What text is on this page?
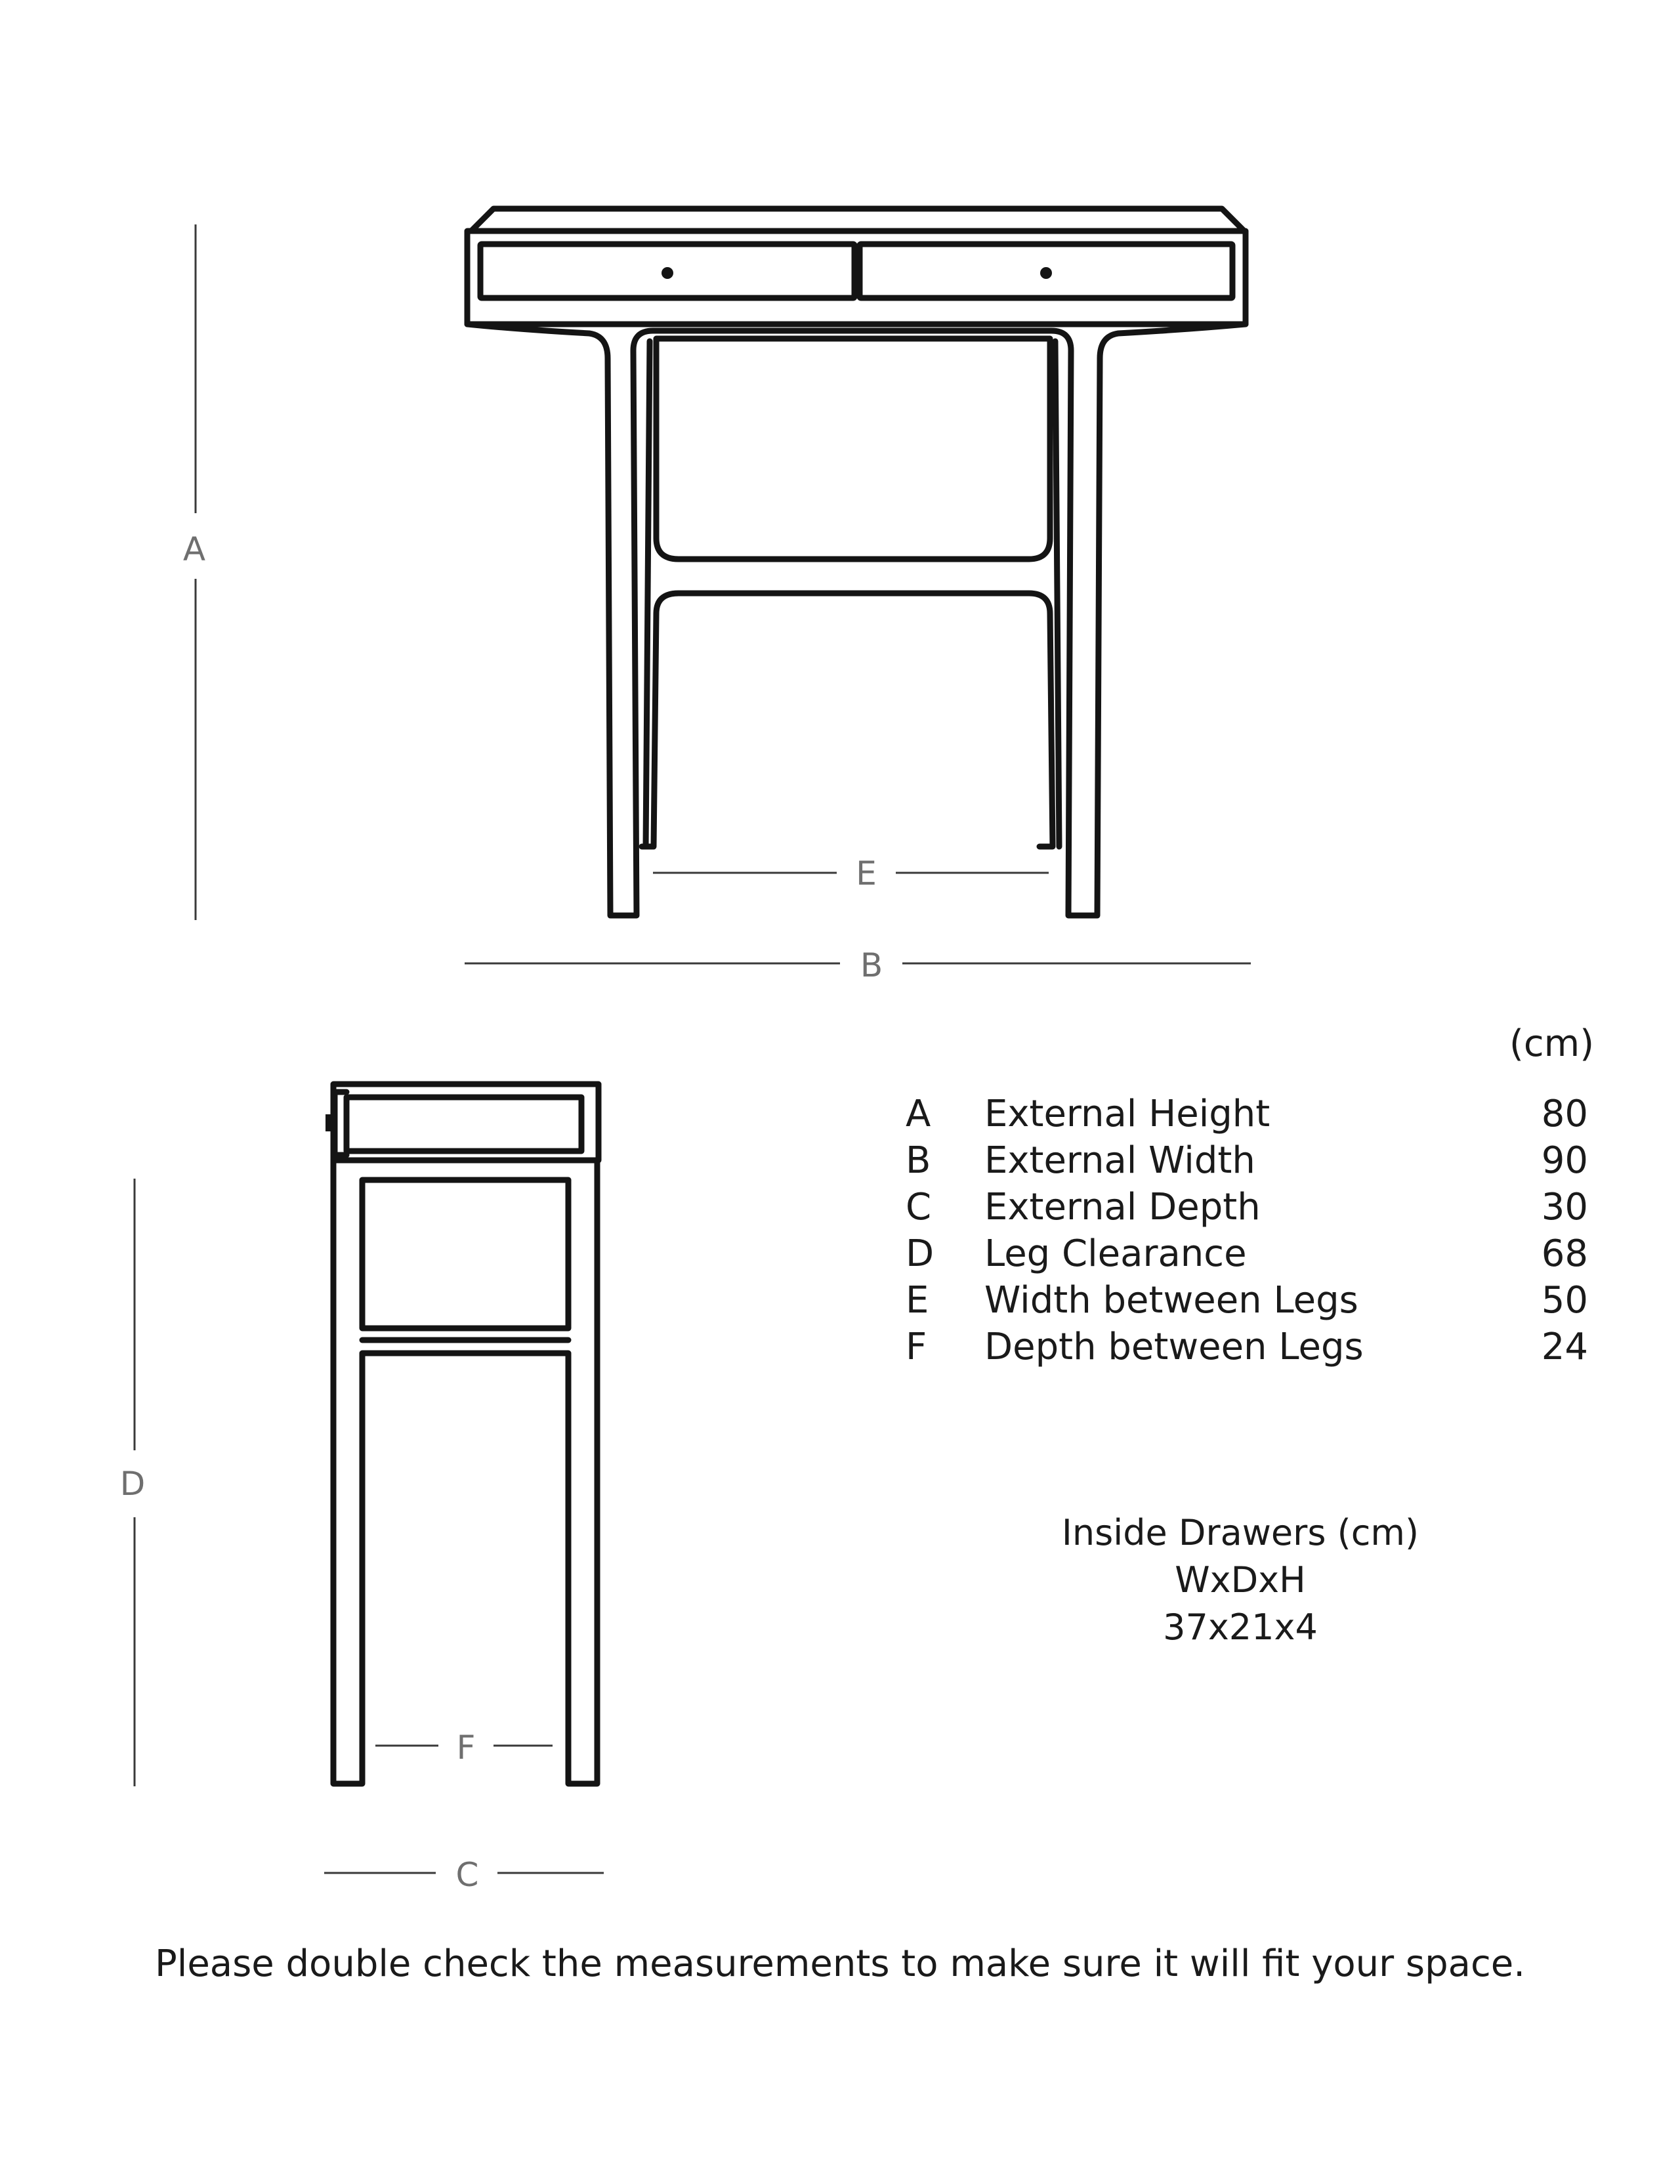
A
E
B
D
F
C
(cm)
A	External Height	80
B	External Width	90
C	External Depth	30
D	Leg Clearance	68
E	Width between Legs	50
F	Depth between Legs	24
Inside Drawers (cm)
WxDxH
37x21x4
Please double check the measurements to make sure it will fit your space.
